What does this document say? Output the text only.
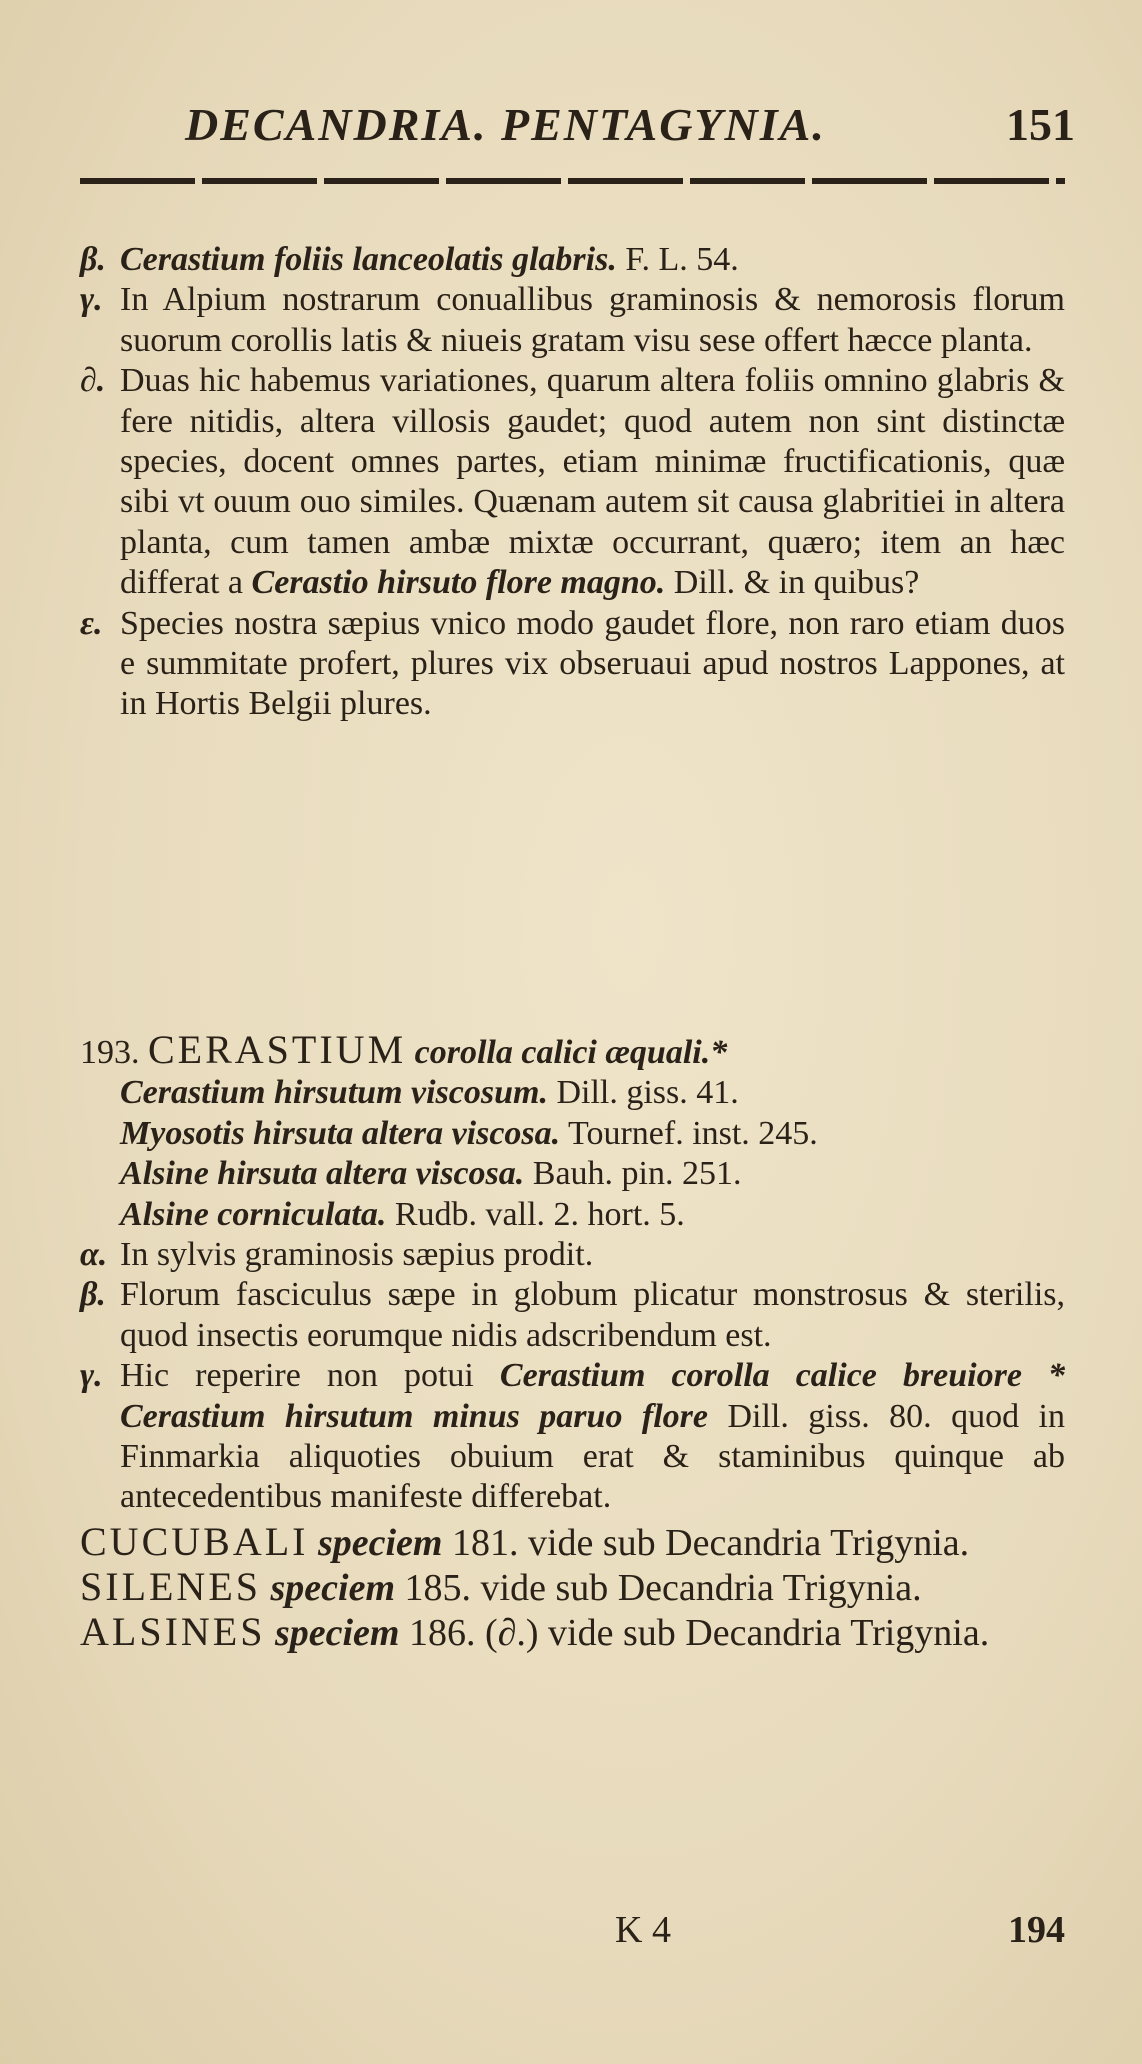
DECANDRIA. PENTAGYNIA.	151
β. Cerastium foliis lanceolatis glabris. F. L. 54.
γ. In Alpium nostrarum conuallibus graminosis & nemorosis florum suorum corollis latis & niueis gratam visu sese offert hæcce planta.
∂. Duas hic habemus variationes, quarum altera foliis omnino glabris & fere nitidis, altera villosis gaudet; quod autem non sint distinctæ species, docent omnes partes, etiam minimæ fructificationis, quæ sibi vt ouum ouo similes. Quænam autem sit causa glabritiei in altera planta, cum tamen ambæ mixtæ occurrant, quæro; item an hæc differat a Cerastio hirsuto flore magno. Dill. & in quibus?
ε. Species nostra sæpius vnico modo gaudet flore, non raro etiam duos e summitate profert, plures vix obseruaui apud nostros Lappones, at in Hortis Belgii plures.
193. CERASTIUM corolla calici æquali.*
Cerastium hirsutum viscosum. Dill. giss. 41.
Myosotis hirsuta altera viscosa. Tournef. inst. 245.
Alsine hirsuta altera viscosa. Bauh. pin. 251.
Alsine corniculata. Rudb. vall. 2. hort. 5.
α. In sylvis graminosis sæpius prodit.
β. Florum fasciculus sæpe in globum plicatur monstrosus & sterilis, quod insectis eorumque nidis adscribendum est.
γ. Hic reperire non potui Cerastium corolla calice breuiore * Cerastium hirsutum minus paruo flore Dill. giss. 80. quod in Finmarkia aliquoties obuium erat & staminibus quinque ab antecedentibus manifeste differebat.
CUCUBALI speciem 181. vide sub Decandria Trigynia.
SILENES speciem 185. vide sub Decandria Trigynia.
ALSINES speciem 186. (∂.) vide sub Decandria Trigynia.
K 4	194
